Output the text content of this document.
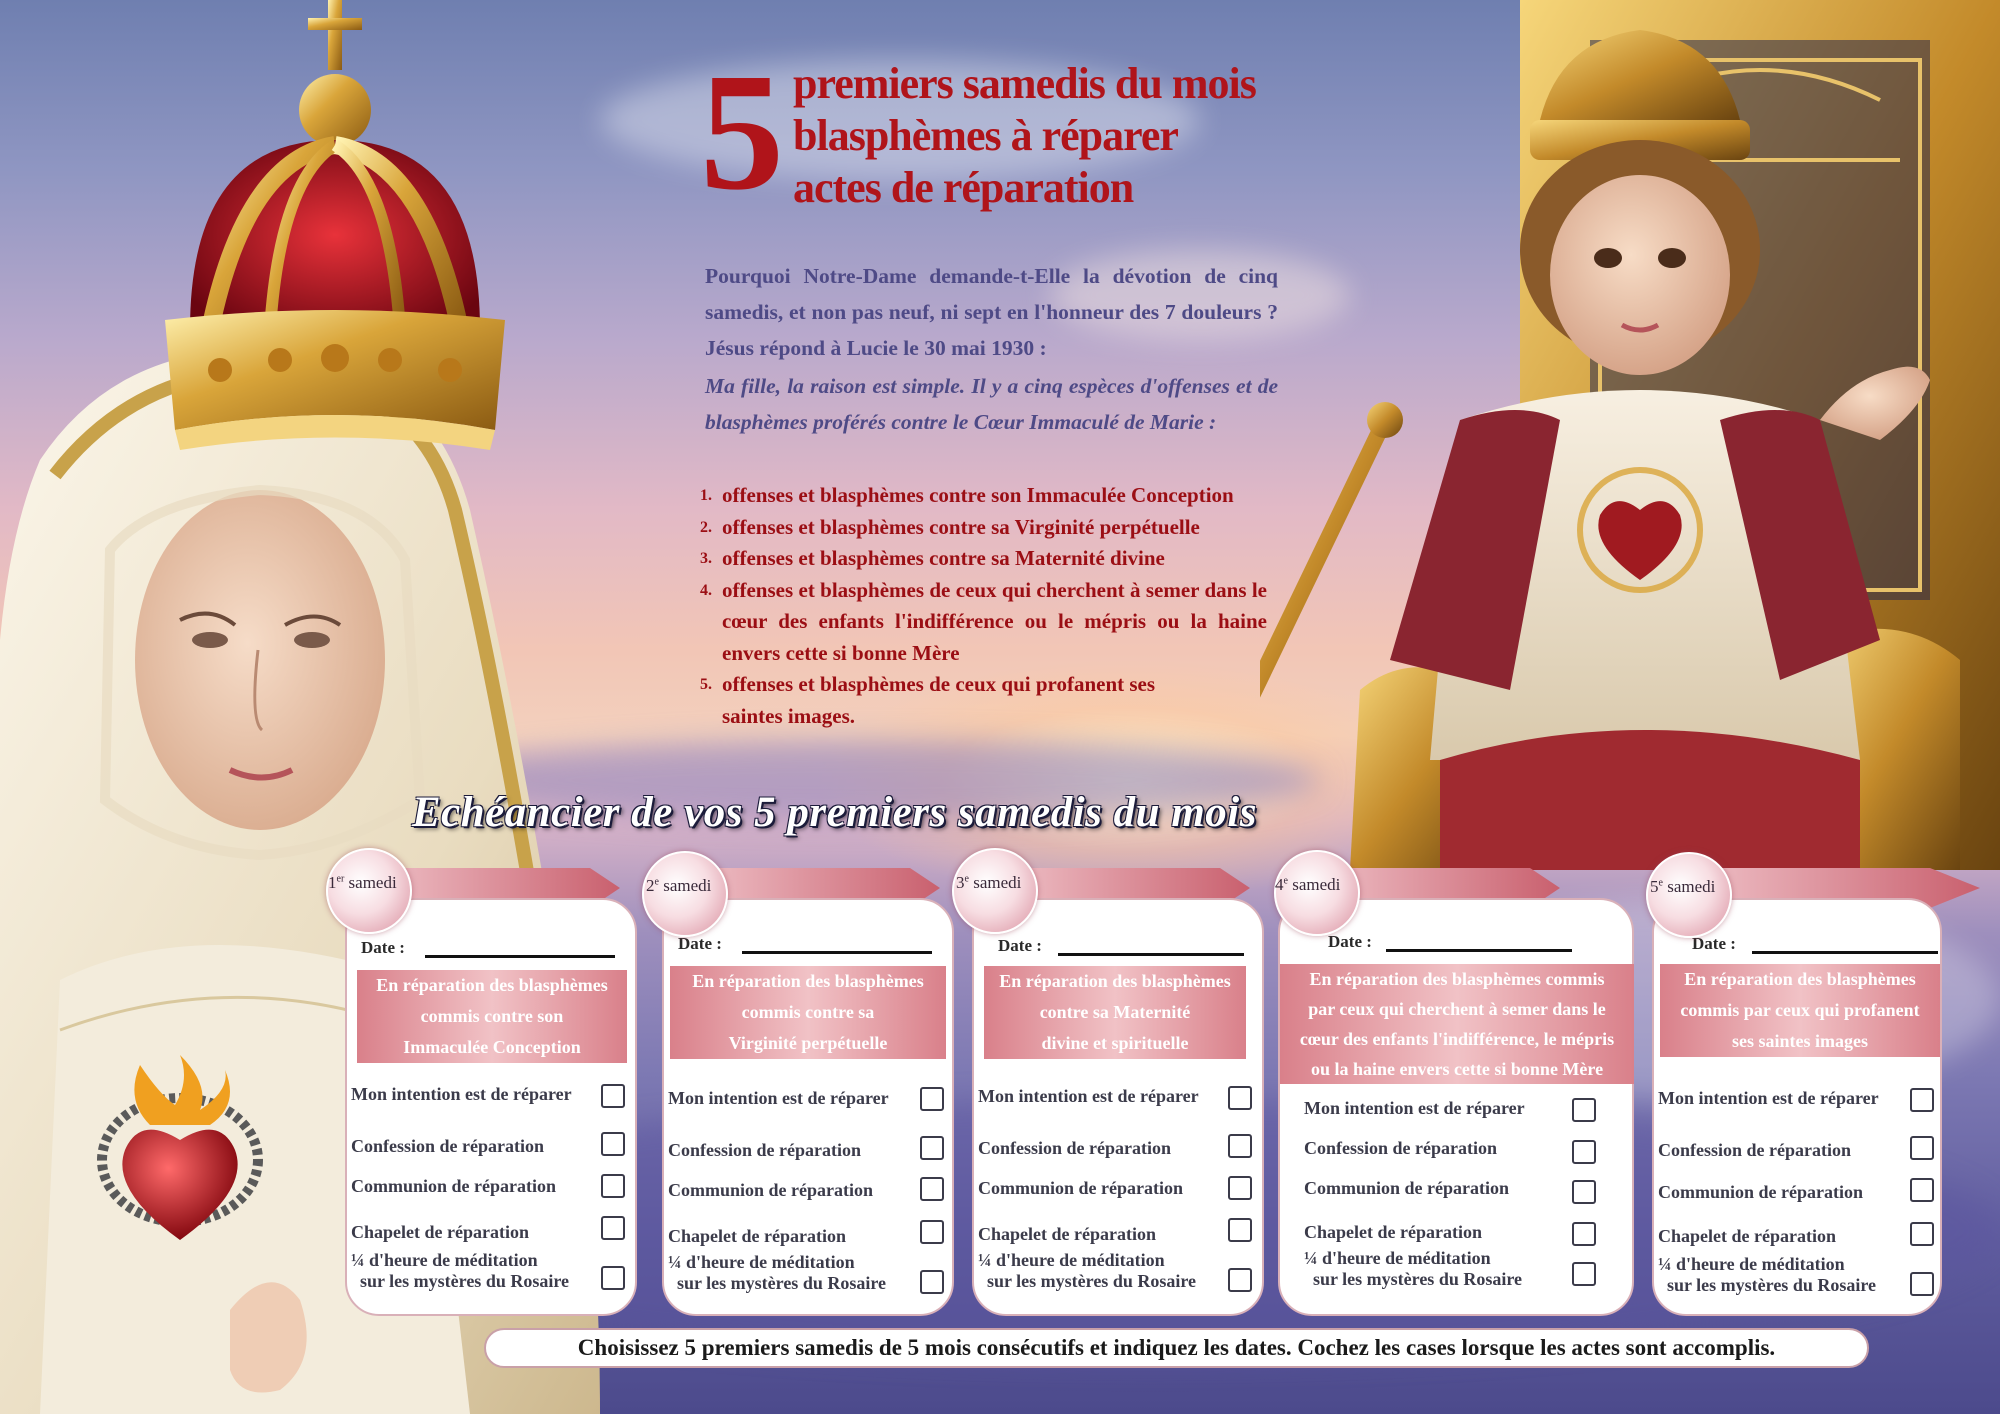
5 premiers samedis du mois
blasphèmes à réparer
actes de réparation
Pourquoi Notre-Dame demande-t-Elle la dévotion de cinq samedis, et non pas neuf, ni sept en l'honneur des 7 douleurs ? Jésus répond à Lucie le 30 mai 1930 :
Ma fille, la raison est simple. Il y a cinq espèces d'offenses et de blasphèmes proférés contre le Cœur Immaculé de Marie :
1. offenses et blasphèmes contre son Immaculée Conception
2. offenses et blasphèmes contre sa Virginité perpétuelle
3. offenses et blasphèmes contre sa Maternité divine
4. offenses et blasphèmes de ceux qui cherchent à semer dans le cœur des enfants l'indifférence ou le mépris ou la haine envers cette si bonne Mère
5. offenses et blasphèmes de ceux qui profanent ses saintes images.
Echéancier de vos 5 premiers samedis du mois
Date :
En réparation des blasphèmes
commis contre son
Immaculée Conception
Mon intention est de réparer
Confession de réparation
Communion de réparation
Chapelet de réparation
¼ d'heure de méditation
sur les mystères du Rosaire
1er samedi
Date :
En réparation des blasphèmes
commis contre sa
Virginité perpétuelle
Mon intention est de réparer
Confession de réparation
Communion de réparation
Chapelet de réparation
¼ d'heure de méditation
sur les mystères du Rosaire
2e samedi
Date :
En réparation des blasphèmes
contre sa Maternité
divine et spirituelle
Mon intention est de réparer
Confession de réparation
Communion de réparation
Chapelet de réparation
¼ d'heure de méditation
sur les mystères du Rosaire
3e samedi
Date :
En réparation des blasphèmes commis
par ceux qui cherchent à semer dans le
cœur des enfants l'indifférence, le mépris
ou la haine envers cette si bonne Mère
Mon intention est de réparer
Confession de réparation
Communion de réparation
Chapelet de réparation
¼ d'heure de méditation
sur les mystères du Rosaire
4e samedi
Date :
En réparation des blasphèmes
commis par ceux qui profanent
ses saintes images
Mon intention est de réparer
Confession de réparation
Communion de réparation
Chapelet de réparation
¼ d'heure de méditation
sur les mystères du Rosaire
5e samedi
Choisissez 5 premiers samedis de 5 mois consécutifs et indiquez les dates. Cochez les cases lorsque les actes sont accomplis.
